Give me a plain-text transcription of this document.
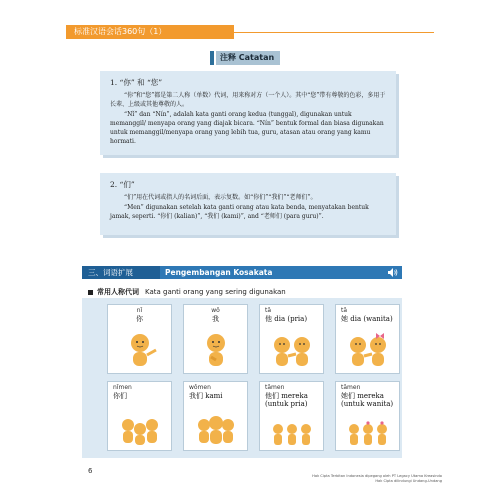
标准汉语会话360句（1）
注释 Catatan
1. “你” 和 “您”

“你”和“您”都是第二人称（单数）代词，用来称对方（一个人）。其中“您”带有尊敬的色彩，多用于长辈、上级或其他尊敬的人。

“Nǐ” dan “Nín”, adalah kata ganti orang kedua (tunggal), digunakan untuk memanggil/ menyapa orang yang diajak bicara. “Nín” bentuk formal dan biasa digunakan untuk memanggil/menyapa orang yang lebih tua, guru, atasan atau orang yang kamu hormati.

2. “们”

“们”用在代词或指人的名词后面，表示复数。如“你们”“我们”“老师们”。

“Men” digunakan setelah kata ganti orang atau kata benda, menyatakan bentuk jamak, seperti. “你们 (kalian)”, “我们 (kami)”, and “老师们 (para guru)”.

三、词语扩展	Pengembangan Kosakata
常用人称代词 Kata ganti orang yang sering digunakan
nǐ
你
wǒ
我
tā
他 dia (pria)
tā
她 dia (wanita)
nǐmen
你们
wǒmen
我们 kami
tāmen
他们 mereka (untuk pria)
tāmen
她们 mereka (untuk wanita)
6
Hak Cipta Terbitan Indonesia dipegang oleh PT Legacy Utama Kreasindo
Hak Cipta dilindungi Undang-Undang
